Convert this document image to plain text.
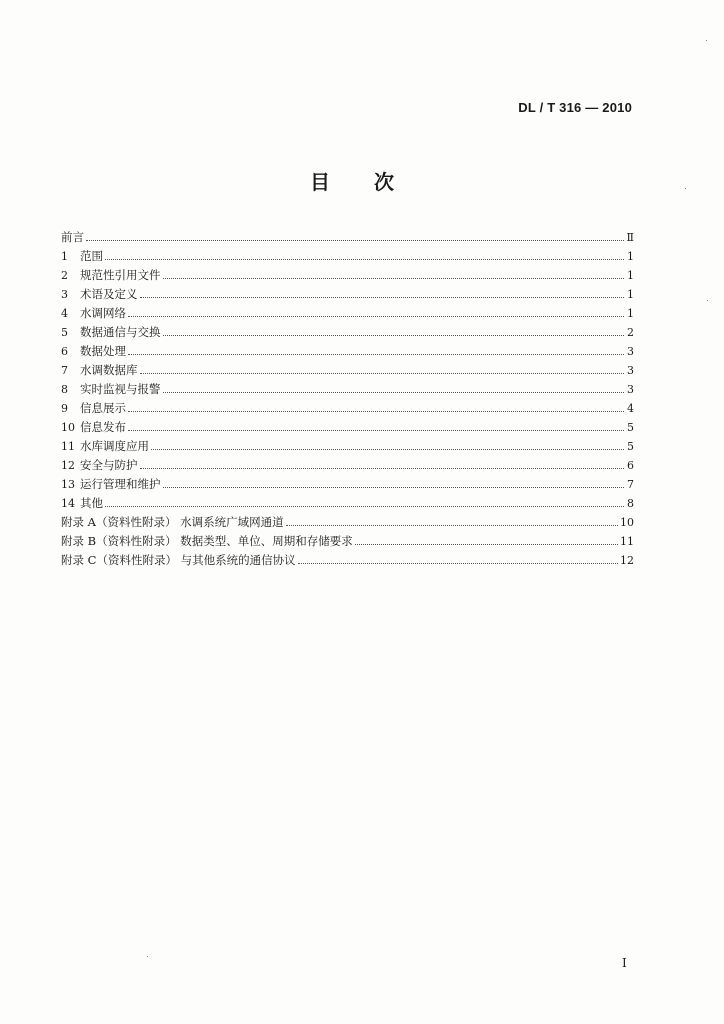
DL / T 316 — 2010
目次
前言	Ⅱ
1	范围	1
2	规范性引用文件	1
3	术语及定义	1
4	水调网络	1
5	数据通信与交换	2
6	数据处理	3
7	水调数据库	3
8	实时监视与报警	3
9	信息展示	4
10 信息发布	5
11 水库调度应用	5
12 安全与防护	6
13 运行管理和维护	7
14 其他	8
附录 A（资料性附录） 水调系统广域网通道	10
附录 B（资料性附录） 数据类型、单位、周期和存储要求	11
附录 C（资料性附录） 与其他系统的通信协议	12
I
